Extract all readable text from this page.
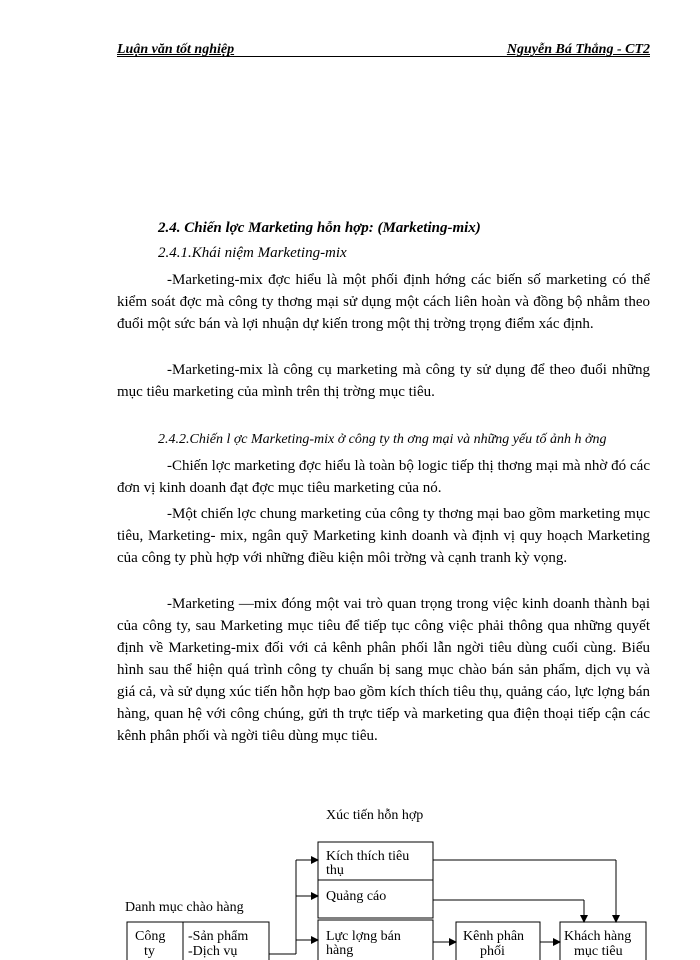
Luận văn tốt nghiệp	Nguyễn Bá Thắng - CT2
2.4. Chiến lợc Marketing hỗn hợp: (Marketing-mix)
2.4.1.Khái niệm Marketing-mix

-Marketing-mix đợc hiểu là một phối định hớng các biến số marketing có thể kiểm soát đợc mà công ty thơng mại sử dụng một cách liên hoàn và đồng bộ nhằm theo đuổi một sức bán và lợi nhuận dự kiến trong một thị trờng trọng điểm xác định.

-Marketing-mix là công cụ marketing mà công ty sử dụng để theo đuổi những mục tiêu marketing của mình trên thị trờng mục tiêu.

2.4.2.Chiến l ợc Marketing-mix ở công ty th ơng mại và những yếu tố ảnh h ởng

-Chiến lợc marketing đợc hiểu là toàn bộ logic tiếp thị thơng mại mà nhờ đó các đơn vị kinh doanh đạt đợc mục tiêu marketing của nó.

-Một chiến lợc chung marketing của công ty thơng mại bao gồm marketing mục tiêu, Marketing- mix, ngân quỹ Marketing kinh doanh và định vị quy hoạch Marketing của công ty phù hợp với những điều kiện môi trờng và cạnh tranh kỳ vọng.

-Marketing —mix đóng một vai trò quan trọng trong việc kinh doanh thành bại của công ty, sau Marketing mục tiêu để tiếp tục công việc phải thông qua những quyết định về Marketing-mix đối với cả kênh phân phối lẫn ngời tiêu dùng cuối cùng. Biểu hình sau thể hiện quá trình công ty chuẩn bị sang mục chào bán sản phẩm, dịch vụ và giá cả, và sử dụng xúc tiến hỗn hợp bao gồm kích thích tiêu thụ, quảng cáo, lực lợng bán hàng, quan hệ với công chúng, gửi th trực tiếp và marketing qua điện thoại tiếp cận các kênh phân phối và ngời tiêu dùng mục tiêu.

Xúc tiến hỗn hợp
Danh mục chào hàng
Kích thích tiêu
thụ
Quảng cáo
Lực lợng bán
hàng
Công
ty
-Sản phẩm
-Dịch vụ
Kênh phân
phối
Khách hàng
mục tiêu
